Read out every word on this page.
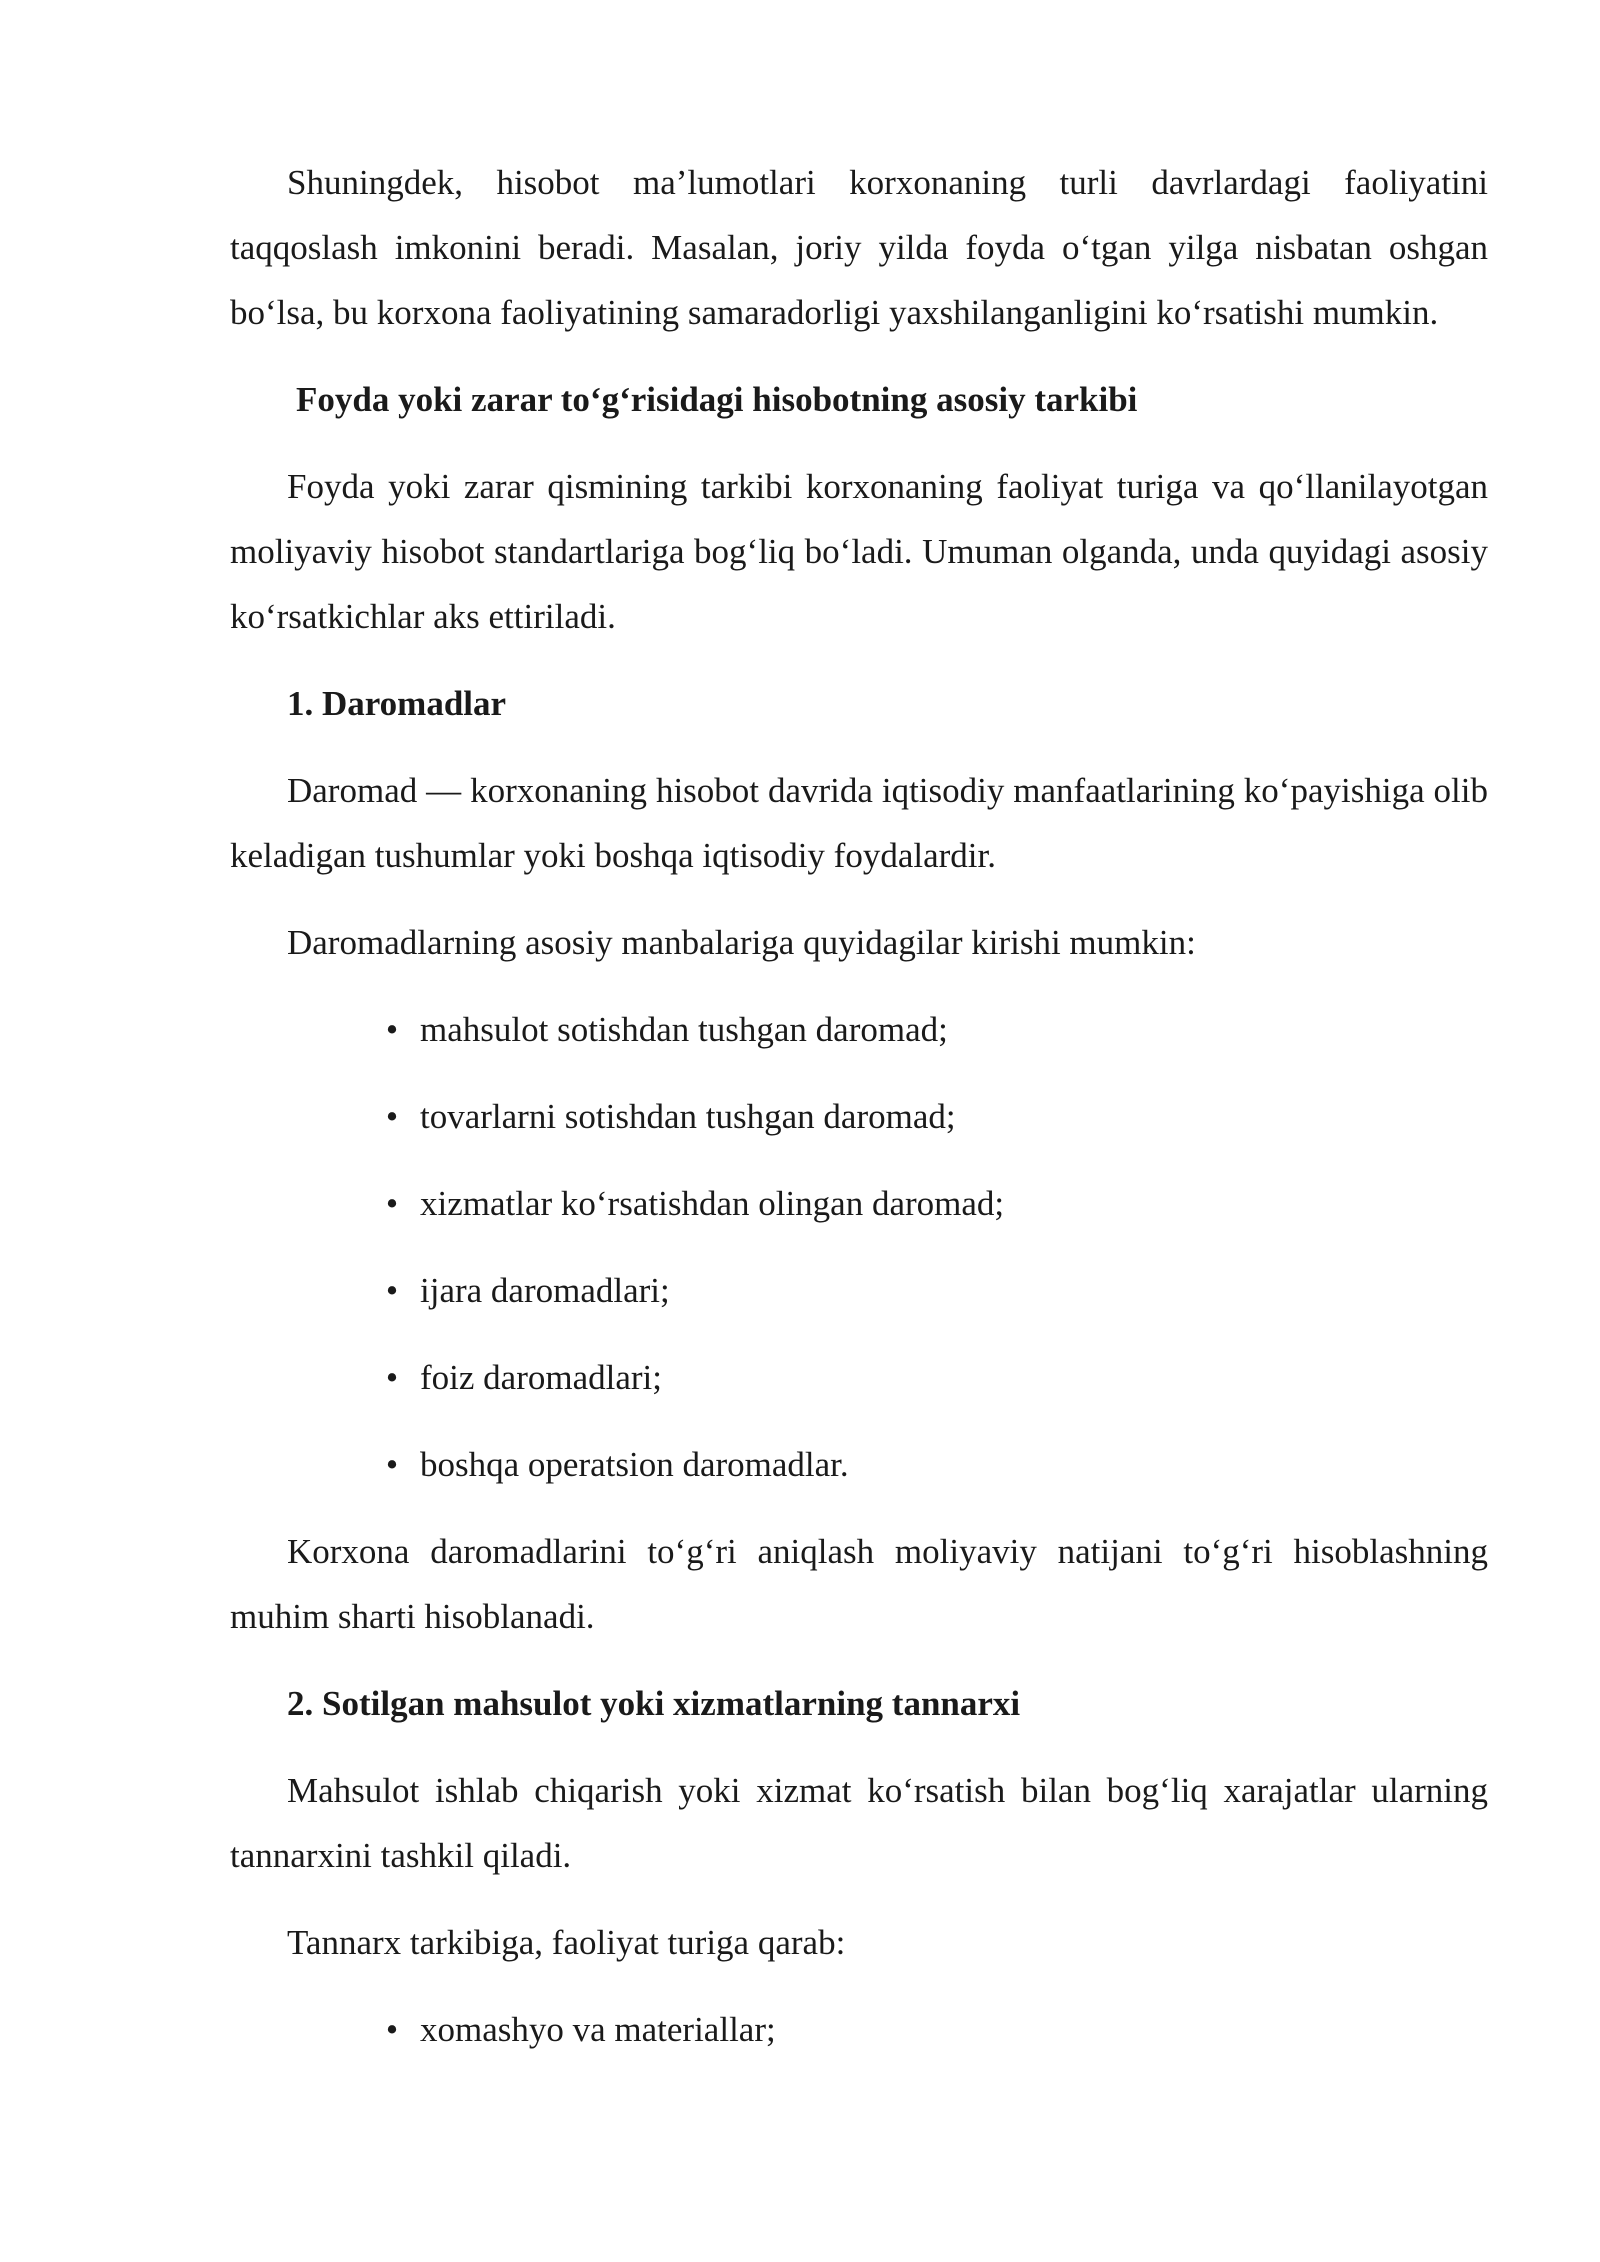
Shuningdek, hisobot ma’lumotlari korxonaning turli davrlardagi faoliyatini taqqoslash imkonini beradi. Masalan, joriy yilda foyda o‘tgan yilga nisbatan oshgan bo‘lsa, bu korxona faoliyatining samaradorligi yaxshilanganligini ko‘rsatishi mumkin.

Foyda yoki zarar to‘g‘risidagi hisobotning asosiy tarkibi

Foyda yoki zarar qismining tarkibi korxonaning faoliyat turiga va qo‘llanilayotgan moliyaviy hisobot standartlariga bog‘liq bo‘ladi. Umuman olganda, unda quyidagi asosiy ko‘rsatkichlar aks ettiriladi.

1. Daromadlar

Daromad — korxonaning hisobot davrida iqtisodiy manfaatlarining ko‘payishiga olib keladigan tushumlar yoki boshqa iqtisodiy foydalardir.

Daromadlarning asosiy manbalariga quyidagilar kirishi mumkin:

• mahsulot sotishdan tushgan daromad;
• tovarlarni sotishdan tushgan daromad;
• xizmatlar ko‘rsatishdan olingan daromad;
• ijara daromadlari;
• foiz daromadlari;
• boshqa operatsion daromadlar.

Korxona daromadlarini to‘g‘ri aniqlash moliyaviy natijani to‘g‘ri hisoblashning muhim sharti hisoblanadi.

2. Sotilgan mahsulot yoki xizmatlarning tannarxi

Mahsulot ishlab chiqarish yoki xizmat ko‘rsatish bilan bog‘liq xarajatlar ularning tannarxini tashkil qiladi.

Tannarx tarkibiga, faoliyat turiga qarab:

• xomashyo va materiallar;
